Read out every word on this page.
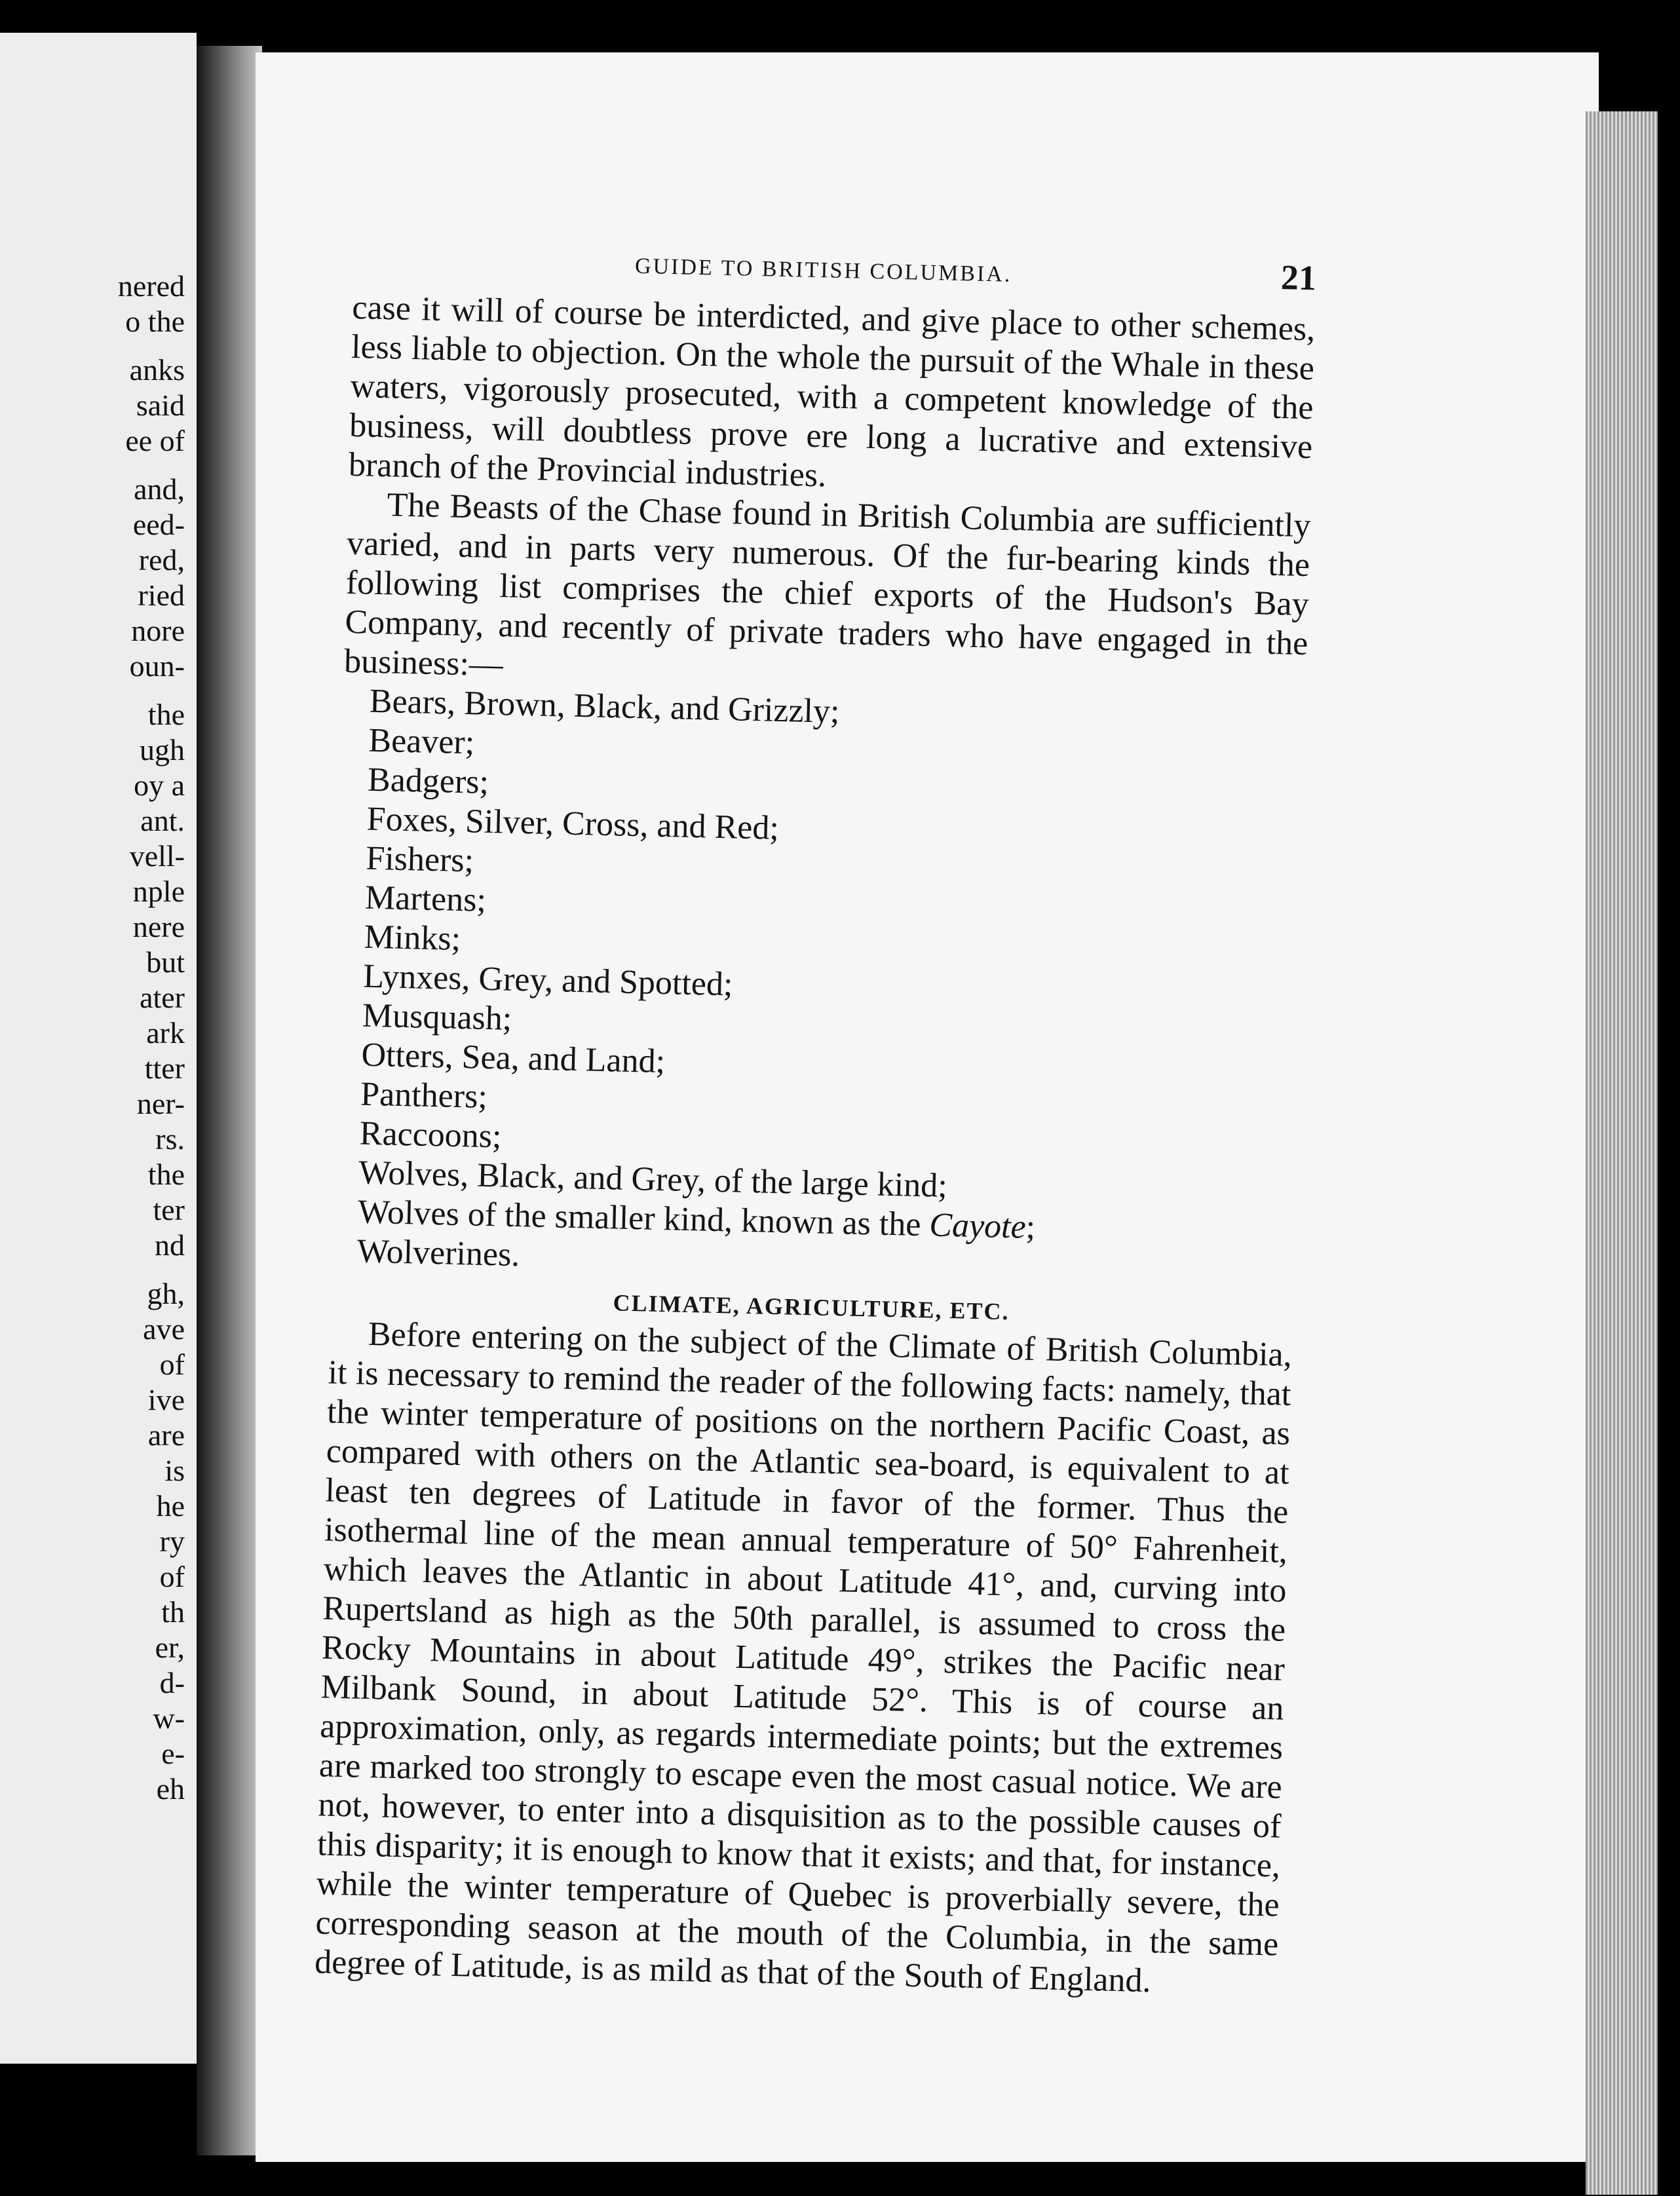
nered
o the
anks
said
ee of
and,
eed-
red,
ried
nore
oun-
the
ugh
oy a
ant.
vell-
nple
nere
but
ater
ark
tter
ner-
rs.
the
ter
nd
gh,
ave
of
ive
are
is
he
ry
of
th
er,
d-
w-
e-
eh
GUIDE TO BRITISH COLUMBIA.	21

case it will of course be interdicted, and give place to other schemes, less liable to objection. On the whole the pursuit of the Whale in these waters, vigorously prosecuted, with a competent knowledge of the business, will doubtless prove ere long a lucrative and extensive branch of the Provincial industries.

The Beasts of the Chase found in British Columbia are sufficiently varied, and in parts very numerous. Of the fur-bearing kinds the following list comprises the chief exports of the Hudson's Bay Company, and recently of private traders who have engaged in the business:—

Bears, Brown, Black, and Grizzly;
Beaver;
Badgers;
Foxes, Silver, Cross, and Red;
Fishers;
Martens;
Minks;
Lynxes, Grey, and Spotted;
Musquash;
Otters, Sea, and Land;
Panthers;
Raccoons;
Wolves, Black, and Grey, of the large kind;
Wolves of the smaller kind, known as the Cayote;
Wolverines.
CLIMATE, AGRICULTURE, ETC.

Before entering on the subject of the Climate of British Columbia, it is necessary to remind the reader of the following facts: namely, that the winter temperature of positions on the northern Pacific Coast, as compared with others on the Atlantic sea-board, is equivalent to at least ten degrees of Latitude in favor of the former. Thus the isothermal line of the mean annual temperature of 50° Fahrenheit, which leaves the Atlantic in about Latitude 41°, and, curving into Rupertsland as high as the 50th parallel, is assumed to cross the Rocky Mountains in about Latitude 49°, strikes the Pacific near Milbank Sound, in about Latitude 52°. This is of course an approximation, only, as regards intermediate points; but the extremes are marked too strongly to escape even the most casual notice. We are not, however, to enter into a disquisition as to the possible causes of this disparity; it is enough to know that it exists; and that, for instance, while the winter temperature of Quebec is proverbially severe, the corresponding season at the mouth of the Columbia, in the same degree of Latitude, is as mild as that of the South of England.
